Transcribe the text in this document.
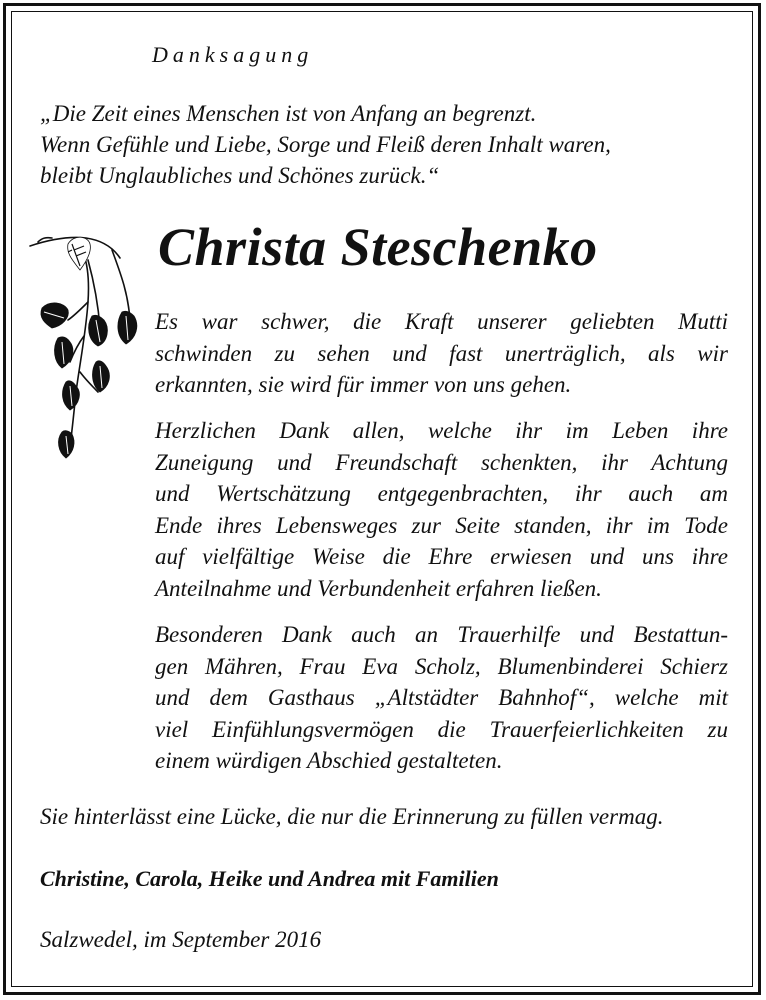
Danksagung
„Die Zeit eines Menschen ist von Anfang an begrenzt.
Wenn Gefühle und Liebe, Sorge und Fleiß deren Inhalt waren,
bleibt Unglaubliches und Schönes zurück.“
Christa Steschenko
Es war schwer, die Kraft unserer geliebten Mutti
schwinden zu sehen und fast unerträglich, als wir
erkannten, sie wird für immer von uns gehen.
Herzlichen Dank allen, welche ihr im Leben ihre
Zuneigung und Freundschaft schenkten, ihr Achtung
und Wertschätzung entgegenbrachten, ihr auch am
Ende ihres Lebensweges zur Seite standen, ihr im Tode
auf vielfältige Weise die Ehre erwiesen und uns ihre
Anteilnahme und Verbundenheit erfahren ließen.
Besonderen Dank auch an Trauerhilfe und Bestattun-
gen Mähren, Frau Eva Scholz, Blumenbinderei Schierz
und dem Gasthaus „Altstädter Bahnhof“, welche mit
viel Einfühlungsvermögen die Trauerfeierlichkeiten zu
einem würdigen Abschied gestalteten.
Sie hinterlässt eine Lücke, die nur die Erinnerung zu füllen vermag.
Christine, Carola, Heike und Andrea mit Familien
Salzwedel, im September 2016
